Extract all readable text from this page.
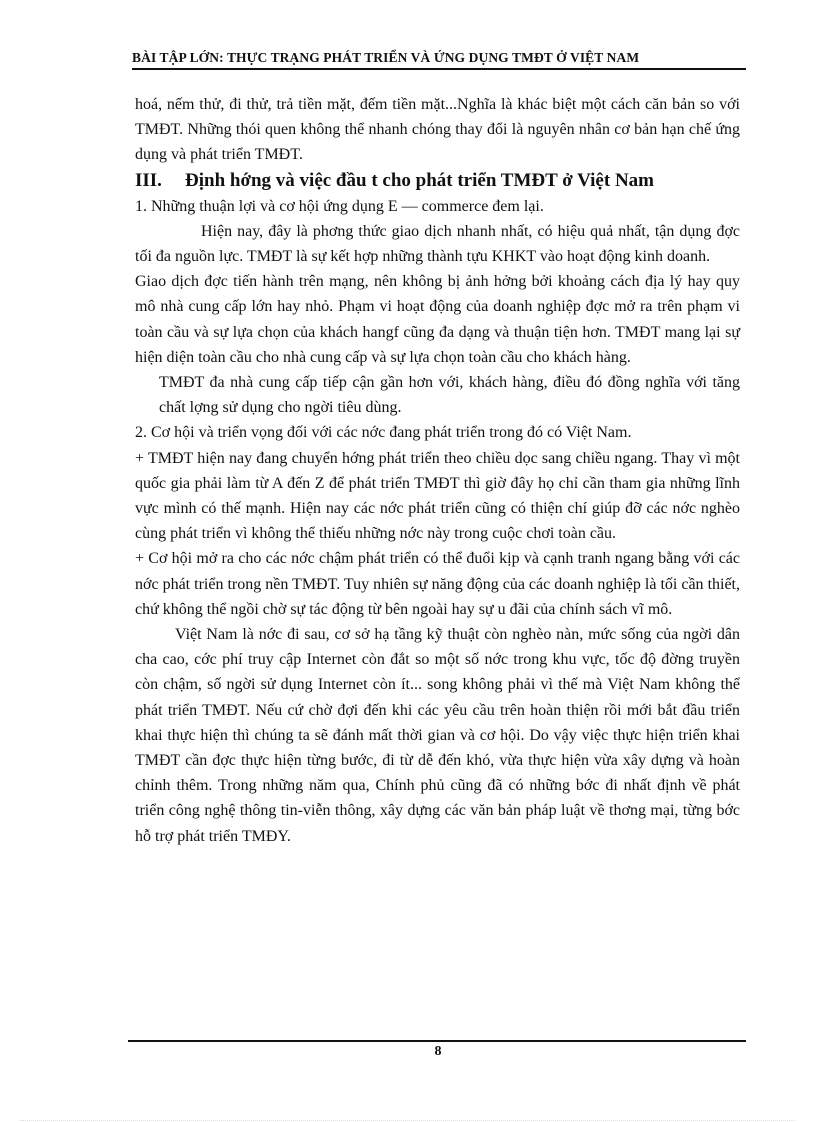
BÀI TẬP LỚN: THỰC TRẠNG PHÁT TRIỂN VÀ ỨNG DỤNG TMĐT Ở VIỆT NAM

hoá, nếm thử, đi thử, trả tiền mặt, đếm tiền mặt...Nghĩa là khác biệt một cách căn bản so với TMĐT. Những thói quen không thể nhanh chóng thay đổi là nguyên nhân cơ bản hạn chế ứng dụng và phát triển TMĐT.

III. Định hớng và việc đầu t cho phát triển TMĐT ở Việt Nam

1. Những thuận lợi và cơ hội ứng dụng E — commerce đem lại.

Hiện nay, đây là phơng thức giao dịch nhanh nhất, có hiệu quả nhất, tận dụng đợc tối đa nguồn lực. TMĐT là sự kết hợp những thành tựu KHKT vào hoạt động kinh doanh.

Giao dịch đợc tiến hành trên mạng, nên không bị ảnh hởng bởi khoảng cách địa lý hay quy mô nhà cung cấp lớn hay nhỏ. Phạm vi hoạt động của doanh nghiệp đợc mở ra trên phạm vi toàn cầu và sự lựa chọn của khách hangf cũng đa dạng và thuận tiện hơn. TMĐT mang lại sự hiện diện toàn cầu cho nhà cung cấp và sự lựa chọn toàn cầu cho khách hàng.

TMĐT đa nhà cung cấp tiếp cận gần hơn với, khách hàng, điều đó đồng nghĩa với tăng chất lợng sử dụng cho ngời tiêu dùng.

2. Cơ hội và triển vọng đối với các nớc đang phát triển trong đó có Việt Nam.

+ TMĐT hiện nay đang chuyển hớng phát triển theo chiều dọc sang chiều ngang. Thay vì một quốc gia phải làm từ A đến Z để phát triển TMĐT thì giờ đây họ chỉ cần tham gia những lĩnh vực mình có thế mạnh. Hiện nay các nớc phát triển cũng có thiện chí giúp đỡ các nớc nghèo cùng phát triển vì không thể thiếu những nớc này trong cuộc chơi toàn cầu.

+ Cơ hội mở ra cho các nớc chậm phát triển có thể đuổi kịp và cạnh tranh ngang bằng với các nớc phát triển trong nền TMĐT. Tuy nhiên sự năng động của các doanh nghiệp là tối cần thiết, chứ không thể ngồi chờ sự tác động từ bên ngoài hay sự u đãi của chính sách vĩ mô.

Việt Nam là nớc đi sau, cơ sở hạ tầng kỹ thuật còn nghèo nàn, mức sống của ngời dân cha cao, cớc phí truy cập Internet còn đắt so một số nớc trong khu vực, tốc độ đờng truyền còn chậm, số ngời sử dụng Internet còn ít... song không phải vì thế mà Việt Nam không thể phát triển TMĐT. Nếu cứ chờ đợi đến khi các yêu cầu trên hoàn thiện rồi mới bắt đầu triển khai thực hiện thì chúng ta sẽ đánh mất thời gian và cơ hội. Do vậy việc thực hiện triển khai TMĐT cần đợc thực hiện từng bước, đi từ dễ đến khó, vừa thực hiện vừa xây dựng và hoàn chỉnh thêm. Trong những năm qua, Chính phủ cũng đã có những bớc đi nhất định về phát triển công nghệ thông tin-viễn thông, xây dựng các văn bản pháp luật về thơng mại, từng bớc hỗ trợ phát triển TMĐY.

8
